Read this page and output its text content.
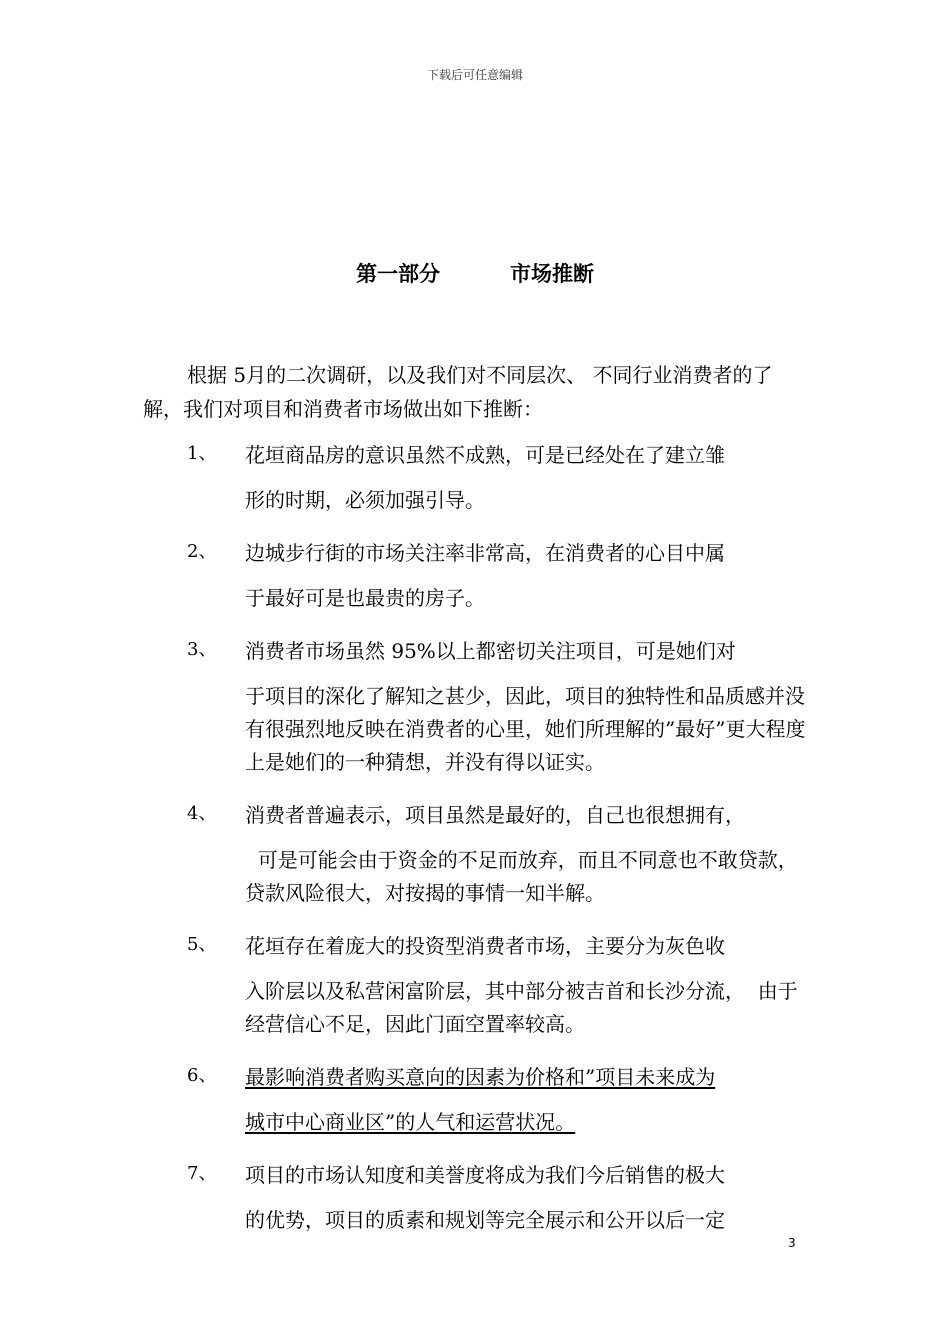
下载后可任意编辑
第一部分	市场推断
根据 5月的二次调研，以及我们对不同层次、 不同行业消费者的了解，我们对项目和消费者市场做出如下推断：
1、 花垣商品房的意识虽然不成熟，可是已经处在了建立雏
形的时期，必须加强引导。
2、 边城步行街的市场关注率非常高，在消费者的心目中属
于最好可是也最贵的房子。
3、 消费者市场虽然 95%以上都密切关注项目，可是她们对
于项目的深化了解知之甚少，因此，项目的独特性和品质感并没有很强烈地反映在消费者的心里，她们所理解的”最好”更大程度上是她们的一种猜想，并没有得以证实。
4、 消费者普遍表示，项目虽然是最好的，自己也很想拥有，
可是可能会由于资金的不足而放弃，而且不同意也不敢贷款，贷款风险很大，对按揭的事情一知半解。
5、 花垣存在着庞大的投资型消费者市场，主要分为灰色收
入阶层以及私营闲富阶层，其中部分被吉首和长沙分流，  由于经营信心不足，因此门面空置率较高。
6、 最影响消费者购买意向的因素为价格和”项目未来成为
城市中心商业区”的人气和运营状况。
7、 项目的市场认知度和美誉度将成为我们今后销售的极大
的优势，项目的质素和规划等完全展示和公开以后一定
3
